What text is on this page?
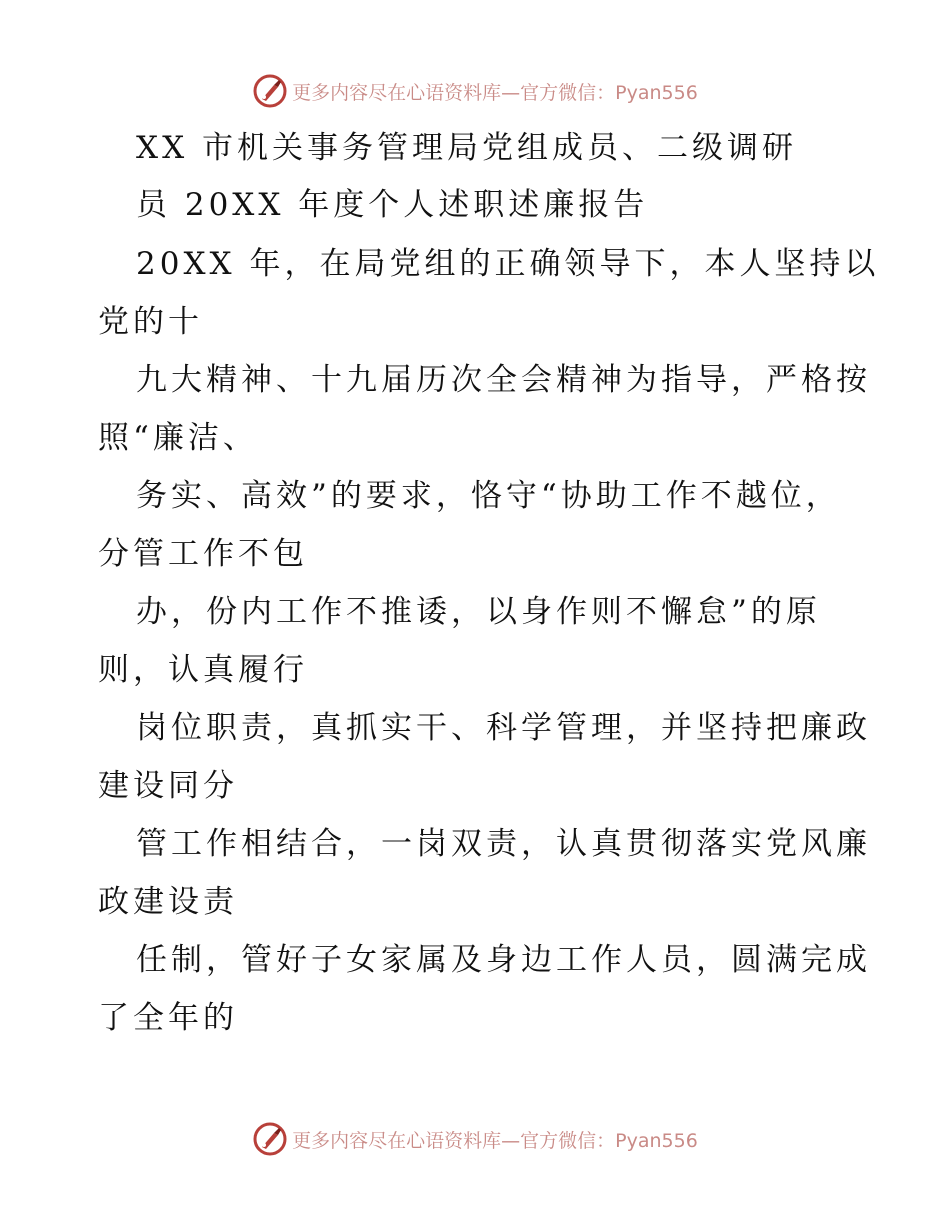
更多内容尽在心语资料库—官方微信：Pyan556
XX 市机关事务管理局党组成员、二级调研
员 20XX 年度个人述职述廉报告
20XX 年，在局党组的正确领导下，本人坚持以
党的十
九大精神、十九届历次全会精神为指导，严格按
照“廉洁、
务实、高效”的要求，恪守“协助工作不越位，
分管工作不包
办，份内工作不推诿，以身作则不懈怠”的原
则，认真履行
岗位职责，真抓实干、科学管理，并坚持把廉政
建设同分
管工作相结合，一岗双责，认真贯彻落实党风廉
政建设责
任制，管好子女家属及身边工作人员，圆满完成
了全年的
更多内容尽在心语资料库—官方微信：Pyan556
